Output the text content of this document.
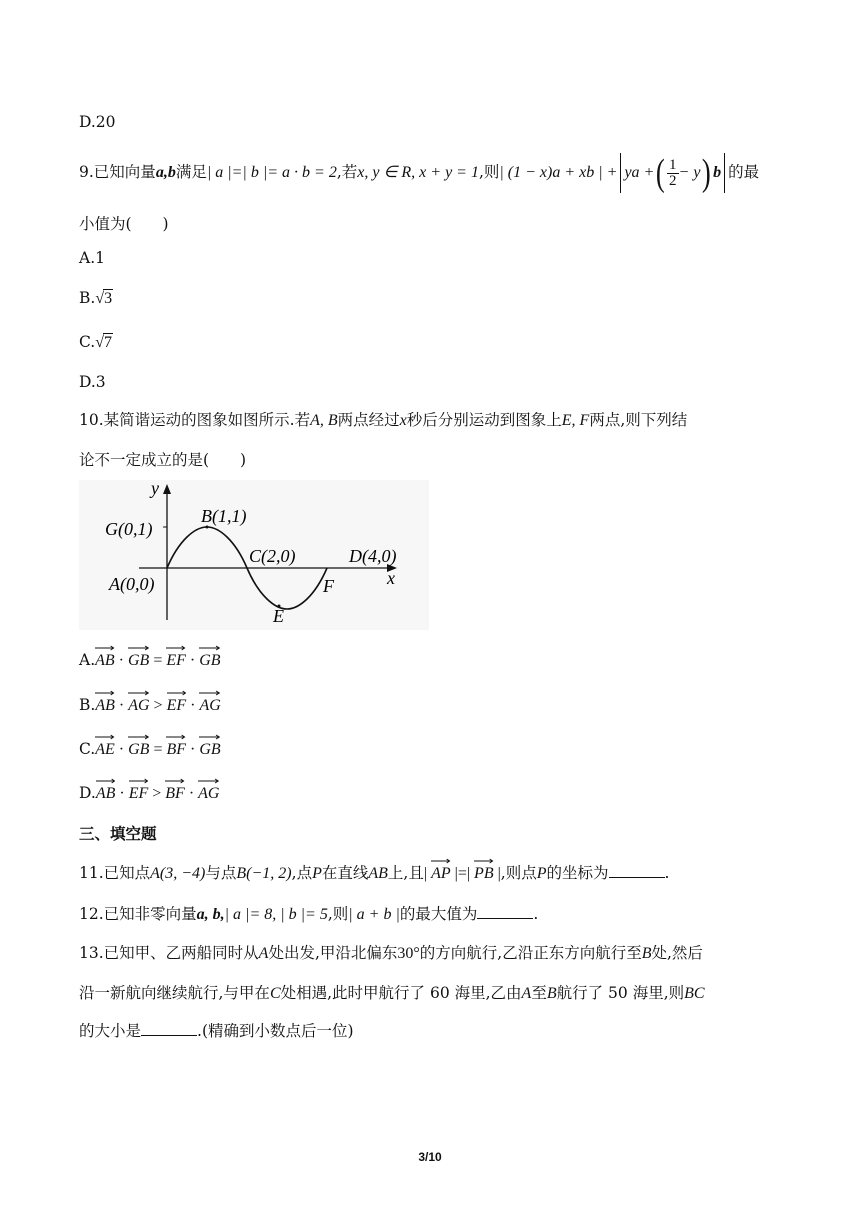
D.20
9.已知向量a,b满足| a |=| b |= a · b = 2,若x, y ∈ R, x + y = 1,则| (1 − x)a + xb | + ya +( $\frac{1}{2} - y$) b 的最
小值为(　　)
A.1
B.√3
C.√7
D.3
10.某简谐运动的图象如图所示.若A, B两点经过x秒后分别运动到图象上E, F两点,则下列结
论不一定成立的是(　　)
y
x
G(0,1)
B(1,1)
C(2,0)	D(4,0)
A(0,0)
E
F
A.
AB ·
GB = EF ·
GB
B.
AB ·
AG > EF ·
AG
C.
AE ·
GB = BF ·
GB
D.
AB ·
EF > BF ·
AG
三、填空题
11.已知点A(3, −4)与点B(−1, 2),点P在直线AB上,且|
AP |=|
PB |,则点P的坐标为	.
12.已知非零向量a, b,| a |= 8, | b |= 5,则| a + b |的最大值为	.
13.已知甲、乙两船同时从A处出发,甲沿北偏东30°的方向航行,乙沿正东方向航行至B处,然后
沿一新航向继续航行,与甲在C处相遇,此时甲航行了 60 海里,乙由A至B航行了 50 海里,则BC
的大小是	.(精确到小数点后一位)
3/10
